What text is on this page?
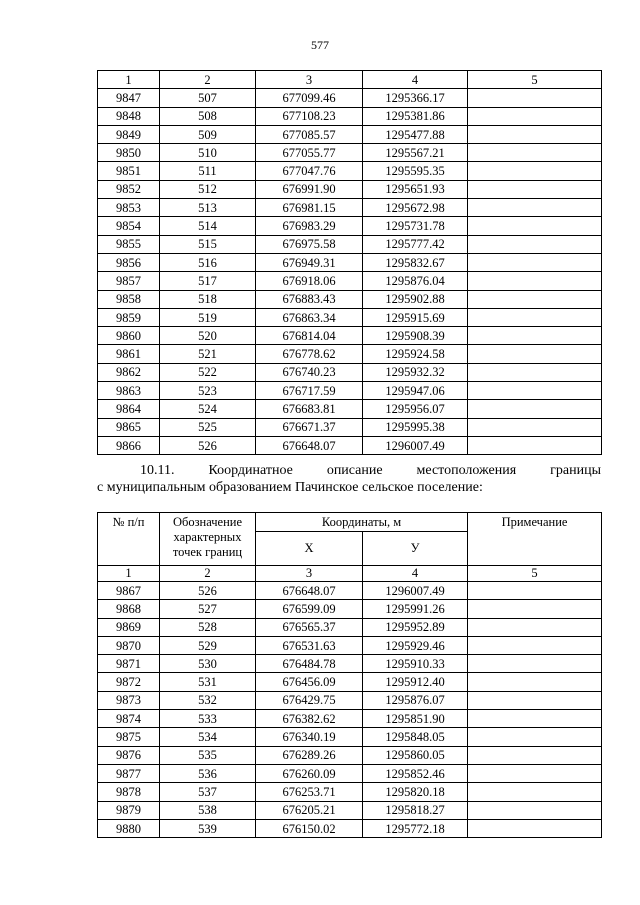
577
1	2	3	4	5
9847	507	677099.46	1295366.17	
9848	508	677108.23	1295381.86	
9849	509	677085.57	1295477.88	
9850	510	677055.77	1295567.21	
9851	511	677047.76	1295595.35	
9852	512	676991.90	1295651.93	
9853	513	676981.15	1295672.98	
9854	514	676983.29	1295731.78	
9855	515	676975.58	1295777.42	
9856	516	676949.31	1295832.67	
9857	517	676918.06	1295876.04	
9858	518	676883.43	1295902.88	
9859	519	676863.34	1295915.69	
9860	520	676814.04	1295908.39	
9861	521	676778.62	1295924.58	
9862	522	676740.23	1295932.32	
9863	523	676717.59	1295947.06	
9864	524	676683.81	1295956.07	
9865	525	676671.37	1295995.38	
9866	526	676648.07	1296007.49	
10.11. Координатное описание местоположения границы
с муниципальным образованием Пачинское сельское поселение:
№ п/п	Обозначение характерных точек границ	Координаты, м		Примечание
		Х	У	
1	2	3	4	5
9867	526	676648.07	1296007.49	
9868	527	676599.09	1295991.26	
9869	528	676565.37	1295952.89	
9870	529	676531.63	1295929.46	
9871	530	676484.78	1295910.33	
9872	531	676456.09	1295912.40	
9873	532	676429.75	1295876.07	
9874	533	676382.62	1295851.90	
9875	534	676340.19	1295848.05	
9876	535	676289.26	1295860.05	
9877	536	676260.09	1295852.46	
9878	537	676253.71	1295820.18	
9879	538	676205.21	1295818.27	
9880	539	676150.02	1295772.18	
